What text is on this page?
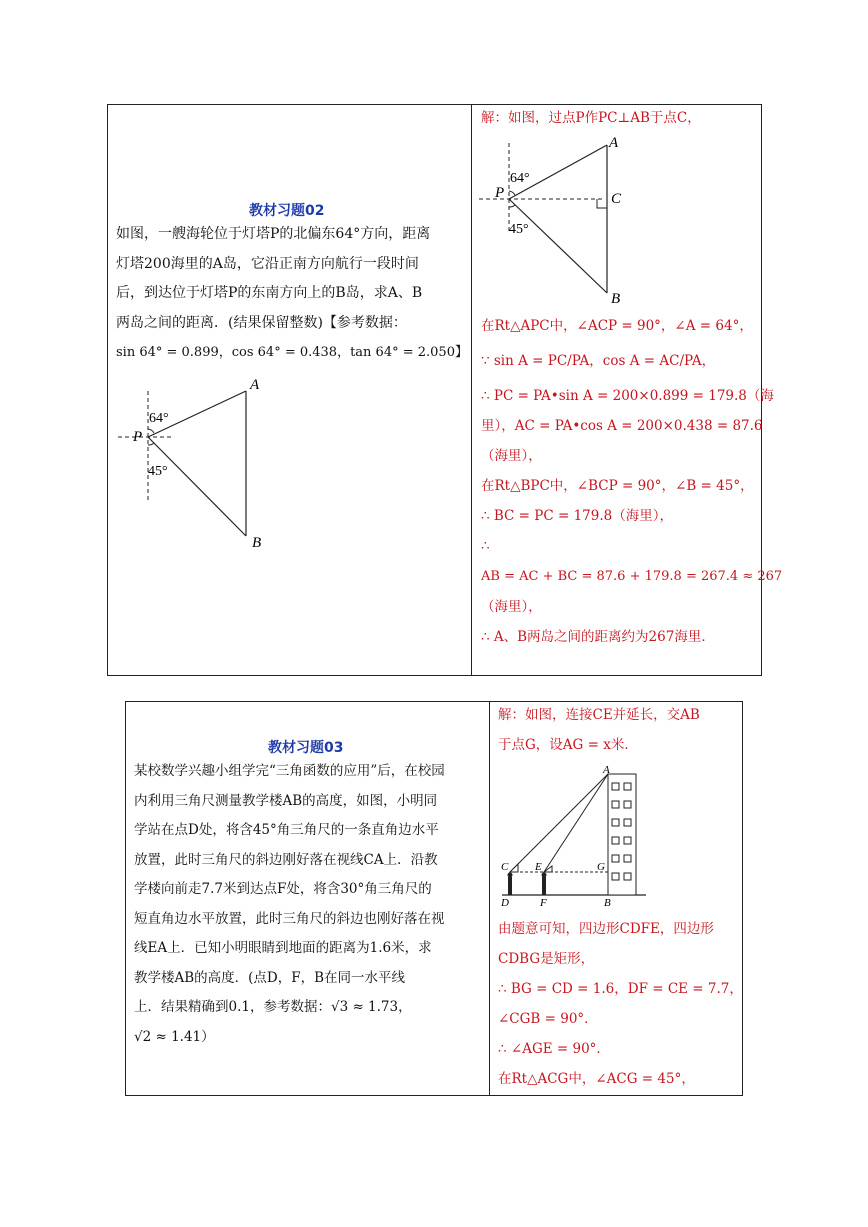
教材习题02

如图，一艘海轮位于灯塔P的北偏东64°方向，距离

灯塔200海里的A岛，它沿正南方向航行一段时间

后，到达位于灯塔P的东南方向上的B岛，求A、B

两岛之间的距离．(结果保留整数)【参考数据：

sin 64° = 0.899，cos 64° = 0.438，tan 64° = 2.050】

64°
45°
P
A
B
解：如图，过点P作PC⊥AB于点C，
64°
45°
P
A
C
B

在Rt△APC中，∠ACP = 90°，∠A = 64°，

∵ sin A = PC/PA，cos A = AC/PA，

∴ PC = PA•sin A = 200×0.899 = 179.8（海

里），AC = PA•cos A = 200×0.438 = 87.6

（海里），

在Rt△BPC中，∠BCP = 90°，∠B = 45°，

∴ BC = PC = 179.8（海里），

∴

AB = AC + BC = 87.6 + 179.8 = 267.4 ≈ 267

（海里），

∴ A、B两岛之间的距离约为267海里．

教材习题03

某校数学兴趣小组学完“三角函数的应用”后，在校园

内利用三角尺测量教学楼AB的高度，如图，小明同

学站在点D处，将含45°角三角尺的一条直角边水平

放置，此时三角尺的斜边刚好落在视线CA上．沿教

学楼向前走7.7米到达点F处，将含30°角三角尺的

短直角边水平放置，此时三角尺的斜边也刚好落在视

线EA上．已知小明眼睛到地面的距离为1.6米，求

教学楼AB的高度．(点D，F，B在同一水平线

上．结果精确到0.1，参考数据：√3 ≈ 1.73，

√2 ≈ 1.41）

解：如图，连接CE并延长，交AB

于点G，设AG = x米．

A
C E	G
D	F	B

由题意可知，四边形CDFE，四边形

CDBG是矩形，

∴ BG = CD = 1.6，DF = CE = 7.7，

∠CGB = 90°．

∴ ∠AGE = 90°．

在Rt△ACG中，∠ACG = 45°，
